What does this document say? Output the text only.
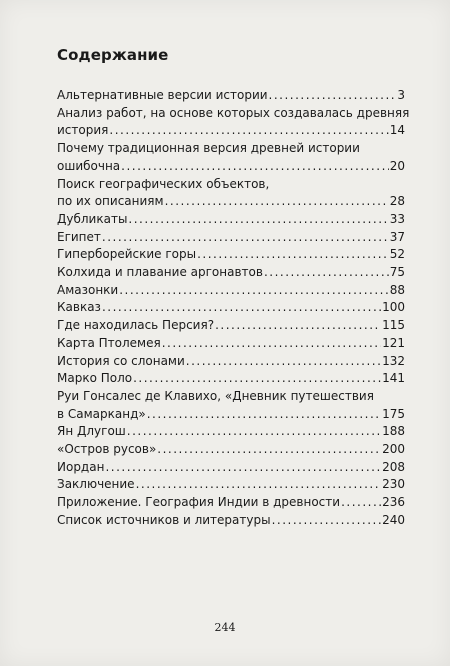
Содержание
Альтернативные версии истории .....	3
Анализ работ, на основе которых создавалась древняя
история .....	14
Почему традиционная версия древней истории
ошибочна .....	20
Поиск географических объектов,
по их описаниям .....	28
Дубликаты .....	33
Египет .....	37
Гиперборейские горы .....	52
Колхида и плавание аргонавтов .....	75
Амазонки .....	88
Кавказ .....	100
Где находилась Персия? .....	115
Карта Птолемея .....	121
История со слонами .....	132
Марко Поло .....	141
Руи Гонсалес де Клавихо, «Дневник путешествия
в Самарканд» .....	175
Ян Длугош .....	188
«Остров русов» .....	200
Иордан .....	208
Заключение .....	230
Приложение. География Индии в древности .....	236
Список источников и литературы .....	240
244
